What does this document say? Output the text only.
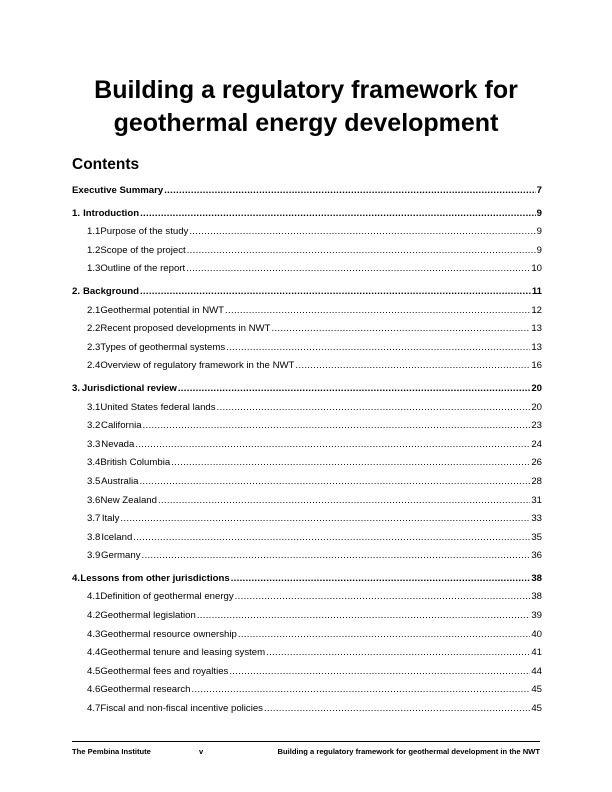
Building a regulatory framework for
geothermal energy development
Contents
Executive Summary .....	7
1. Introduction .....	9
1.1 Purpose of the study .....	9
1.2 Scope of the project .....	9
1.3 Outline of the report .....	10
2. Background .....	11
2.1 Geothermal potential in NWT .....	12
2.2 Recent proposed developments in NWT .....	13
2.3 Types of geothermal systems .....	13
2.4 Overview of regulatory framework in the NWT .....	16
3. Jurisdictional review .....	20
3.1 United States federal lands .....	20
3.2 California .....	23
3.3 Nevada .....	24
3.4 British Columbia .....	26
3.5 Australia .....	28
3.6 New Zealand .....	31
3.7 Italy .....	33
3.8 Iceland .....	35
3.9 Germany .....	36
4. Lessons from other jurisdictions .....	38
4.1 Definition of geothermal energy .....	38
4.2 Geothermal legislation .....	39
4.3 Geothermal resource ownership .....	40
4.4 Geothermal tenure and leasing system .....	41
4.5 Geothermal fees and royalties .....	44
4.6 Geothermal research .....	45
4.7 Fiscal and non-fiscal incentive policies .....	45
The Pembina Institute	v	Building a regulatory framework for geothermal development in the NWT
